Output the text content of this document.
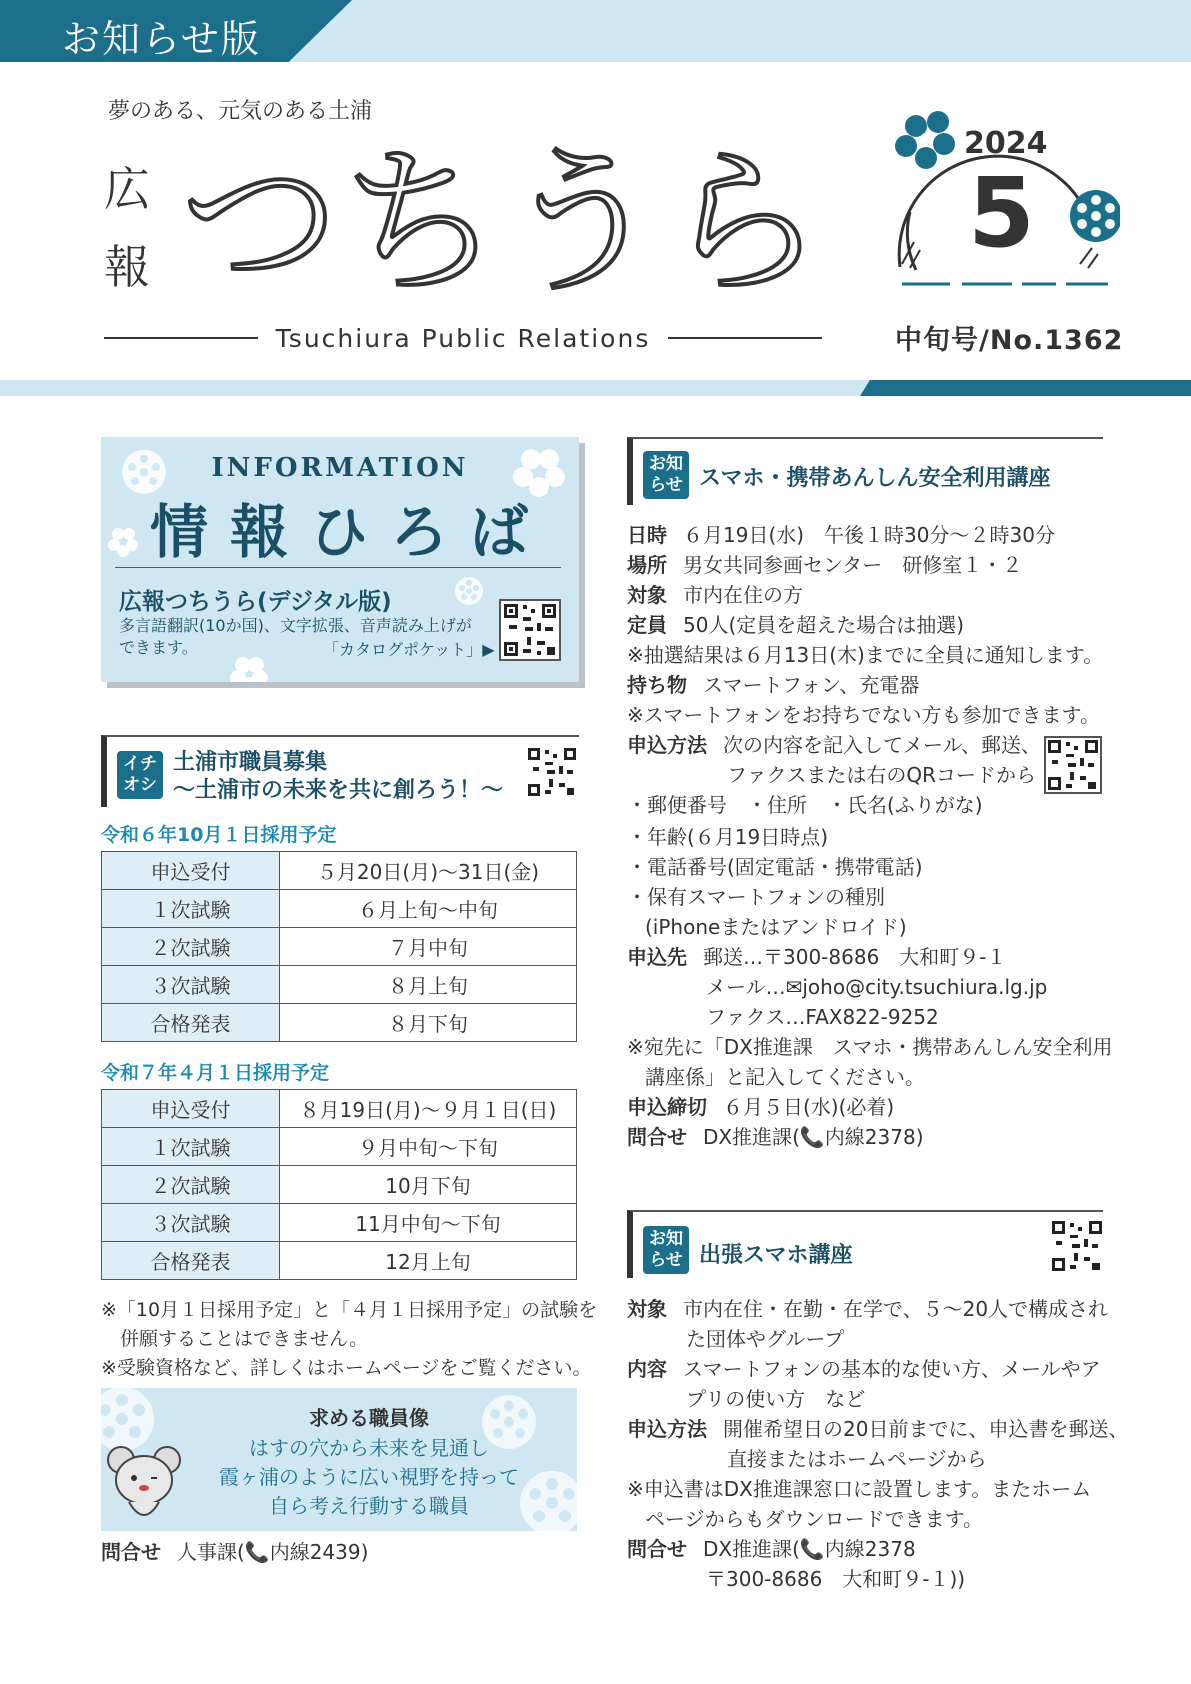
お知らせ版
夢のある、元気のある土浦
広
報 つちうら
Tsuchiura Public Relations
2024
5
中旬号/No.1362
INFORMATION
情報ひろば
広報つちうら(デジタル版)
多言語翻訳(10か国)、文字拡張、音声読み上げが
できます。	「カタログポケット」▶
イチ
オシ
土浦市職員募集
〜土浦市の未来を共に創ろう！〜
令和６年10月１日採用予定
申込受付	５月20日(月)〜31日(金)
１次試験	６月上旬〜中旬
２次試験	７月中旬
３次試験	８月上旬
合格発表	８月下旬
令和７年４月１日採用予定
申込受付	８月19日(月)〜９月１日(日)
１次試験	９月中旬〜下旬
２次試験	10月下旬
３次試験	11月中旬〜下旬
合格発表	12月上旬
※「10月１日採用予定」と「４月１日採用予定」の試験を
　併願することはできません。
※受験資格など、詳しくはホームページをご覧ください。
求める職員像
はすの穴から未来を見通し
霞ヶ浦のように広い視野を持って
自ら考え行動する職員
問合せ 人事課(📞内線2439)
お知
らせ スマホ・携帯あんしん安全利用講座
日時 ６月19日(水)　午後１時30分〜２時30分
場所 男女共同参画センター　研修室１・２
対象 市内在住の方
定員 50人(定員を超えた場合は抽選)
※抽選結果は６月13日(木)までに全員に通知します。
持ち物 スマートフォン、充電器
※スマートフォンをお持ちでない方も参加できます。
申込方法 次の内容を記入してメール、郵送、
ファクスまたは右のQRコードから
・郵便番号　・住所　・氏名(ふりがな)
・年齢(６月19日時点)
・電話番号(固定電話・携帯電話)
・保有スマートフォンの種別
(iPhoneまたはアンドロイド)
申込先 郵送…〒300-8686　大和町９-１
メール…✉joho@city.tsuchiura.lg.jp
ファクス…FAX822-9252
※宛先に「DX推進課　スマホ・携帯あんしん安全利用
講座係」と記入してください。
申込締切 ６月５日(水)(必着)
問合せ DX推進課(📞内線2378)
お知
らせ 出張スマホ講座
対象 市内在住・在勤・在学で、５〜20人で構成され
た団体やグループ
内容 スマートフォンの基本的な使い方、メールやア
プリの使い方　など
申込方法 開催希望日の20日前までに、申込書を郵送、
直接またはホームページから
※申込書はDX推進課窓口に設置します。またホーム
ページからもダウンロードできます。
問合せ DX推進課(📞内線2378
〒300-8686　大和町９-１))
